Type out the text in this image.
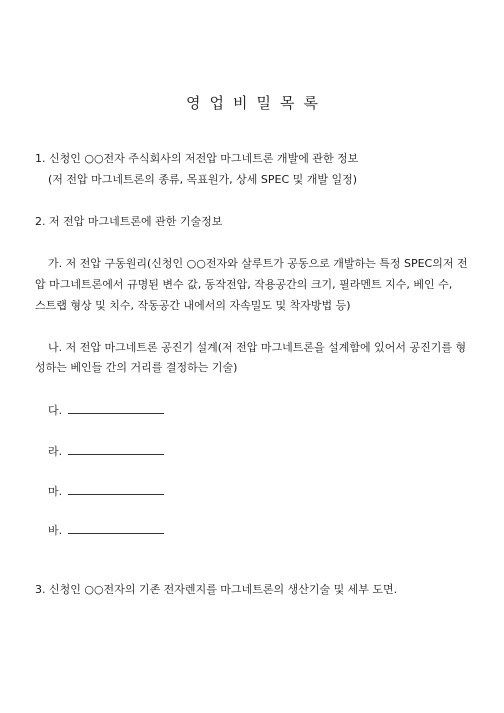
영업비밀목록
1. 신청인 ○○전자 주식회사의 저전압 마그네트론 개발에 관한 정보
(저 전압 마그네트론의 종류, 목표원가, 상세 SPEC 및 개발 일정)
2. 저 전압 마그네트론에 관한 기술정보
가. 저 전압 구동원리(신청인 ○○전자와 살루트가 공동으로 개발하는 특정 SPEC의저 전
압 마그네트론에서 규명된 변수 값, 동작전압, 작용공간의 크기, 필라멘트 지수, 베인 수,
스트랩 형상 및 치수, 작동공간 내에서의 자속밀도 및 착자방법 등)
나. 저 전압 마그네트론 공진기 설계(저 전압 마그네트론을 설계함에 있어서 공진기를 형
성하는 베인들 간의 거리를 결정하는 기술)
다.
라.
마.
바.
3. 신청인 ○○전자의 기존 전자렌지를 마그네트론의 생산기술 및 세부 도면.
